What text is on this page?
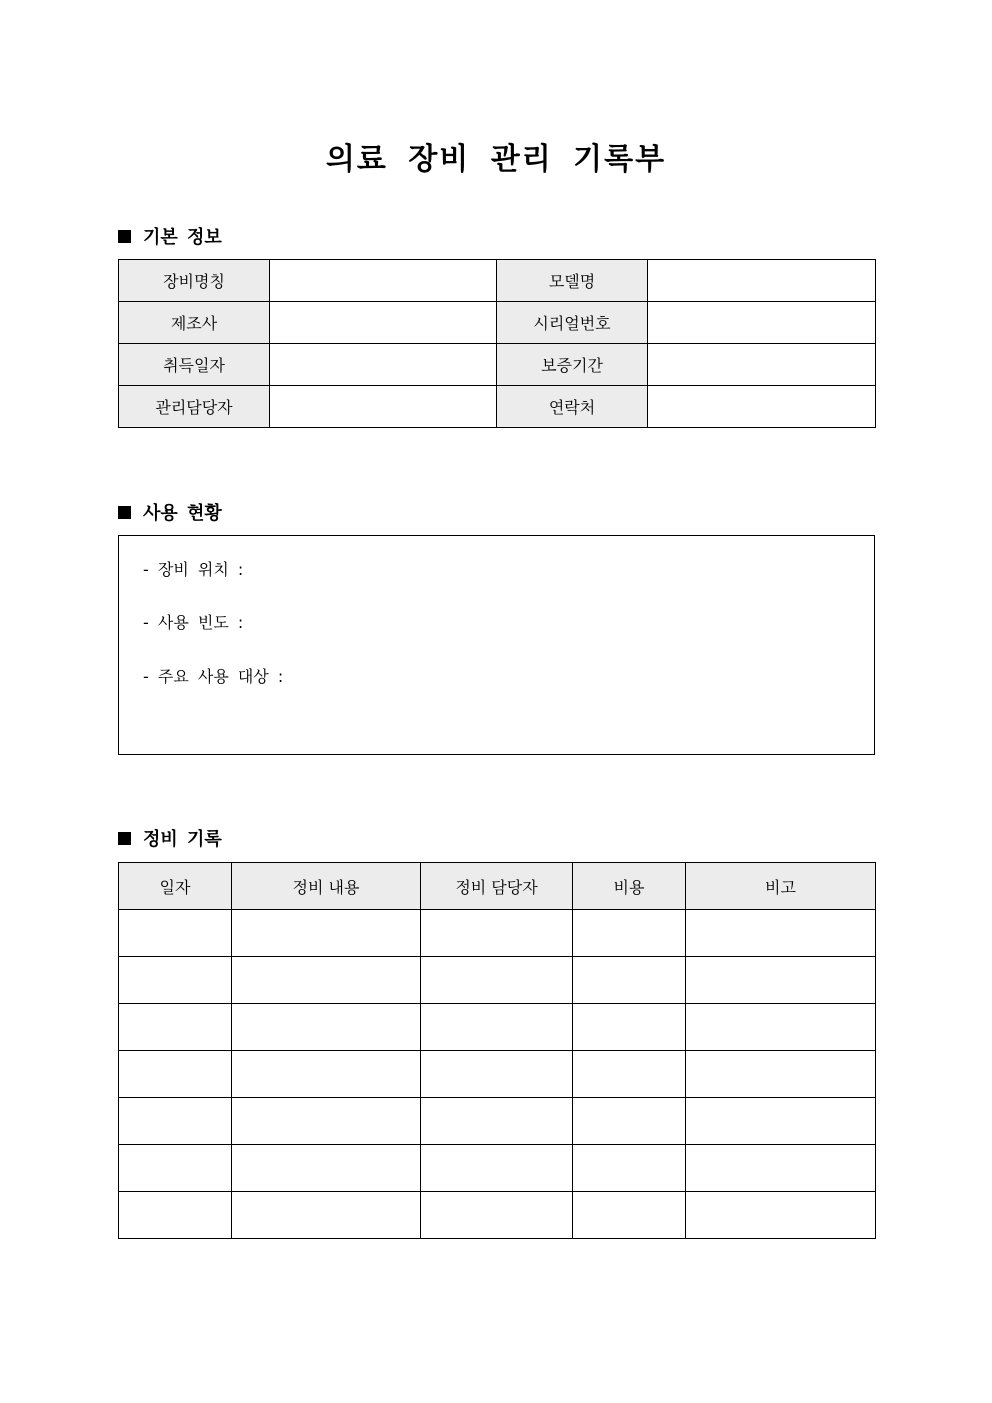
의료 장비 관리 기록부
기본 정보
장비명칭		모델명	
제조사		시리얼번호	
취득일자		보증기간	
관리담당자		연락처	
사용 현황
- 장비 위치 :
- 사용 빈도 :
- 주요 사용 대상 :
정비 기록
일자	정비 내용	정비 담당자	비용	비고
